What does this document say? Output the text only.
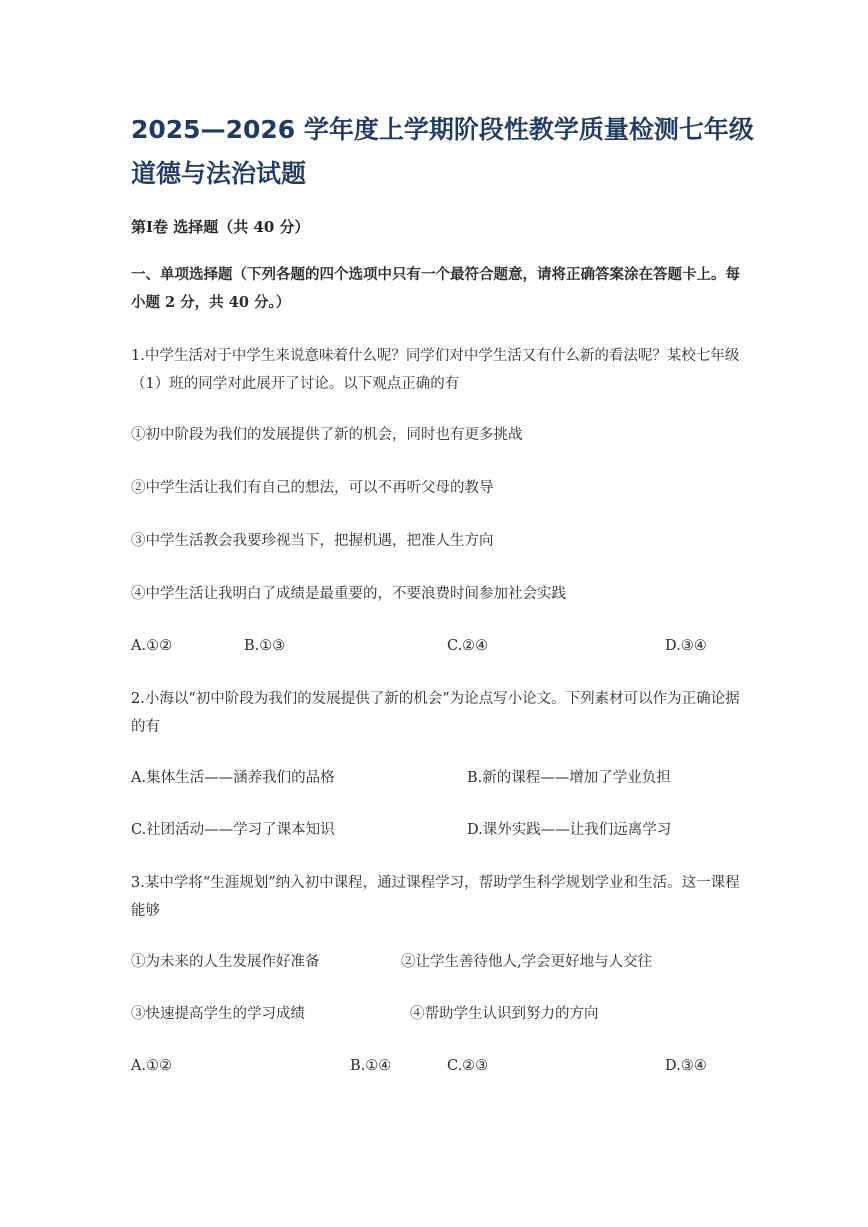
2025—2026 学年度上学期阶段性教学质量检测七年级道德与法治试题

第Ⅰ卷 选择题（共 40 分）

一、单项选择题（下列各题的四个选项中只有一个最符合题意，请将正确答案涂在答题卡上。每小题 2 分，共 40 分。）

1.中学生活对于中学生来说意味着什么呢？同学们对中学生活又有什么新的看法呢？某校七年级（1）班的同学对此展开了讨论。以下观点正确的有

①初中阶段为我们的发展提供了新的机会，同时也有更多挑战
②中学生活让我们有自己的想法，可以不再听父母的教导
③中学生活教会我要珍视当下，把握机遇，把准人生方向
④中学生活让我明白了成绩是最重要的，不要浪费时间参加社会实践
A.①②	B.①③	C.②④	D.③④

2.小海以“初中阶段为我们的发展提供了新的机会”为论点写小论文。下列素材可以作为正确论据的有

A.集体生活——涵养我们的品格	B.新的课程——增加了学业负担
C.社团活动——学习了课本知识	D.课外实践——让我们远离学习

3.某中学将“生涯规划”纳入初中课程，通过课程学习，帮助学生科学规划学业和生活。这一课程能够

①为未来的人生发展作好准备	②让学生善待他人,学会更好地与人交往
③快速提高学生的学习成绩	④帮助学生认识到努力的方向
A.①②	B.①④	C.②③	D.③④
